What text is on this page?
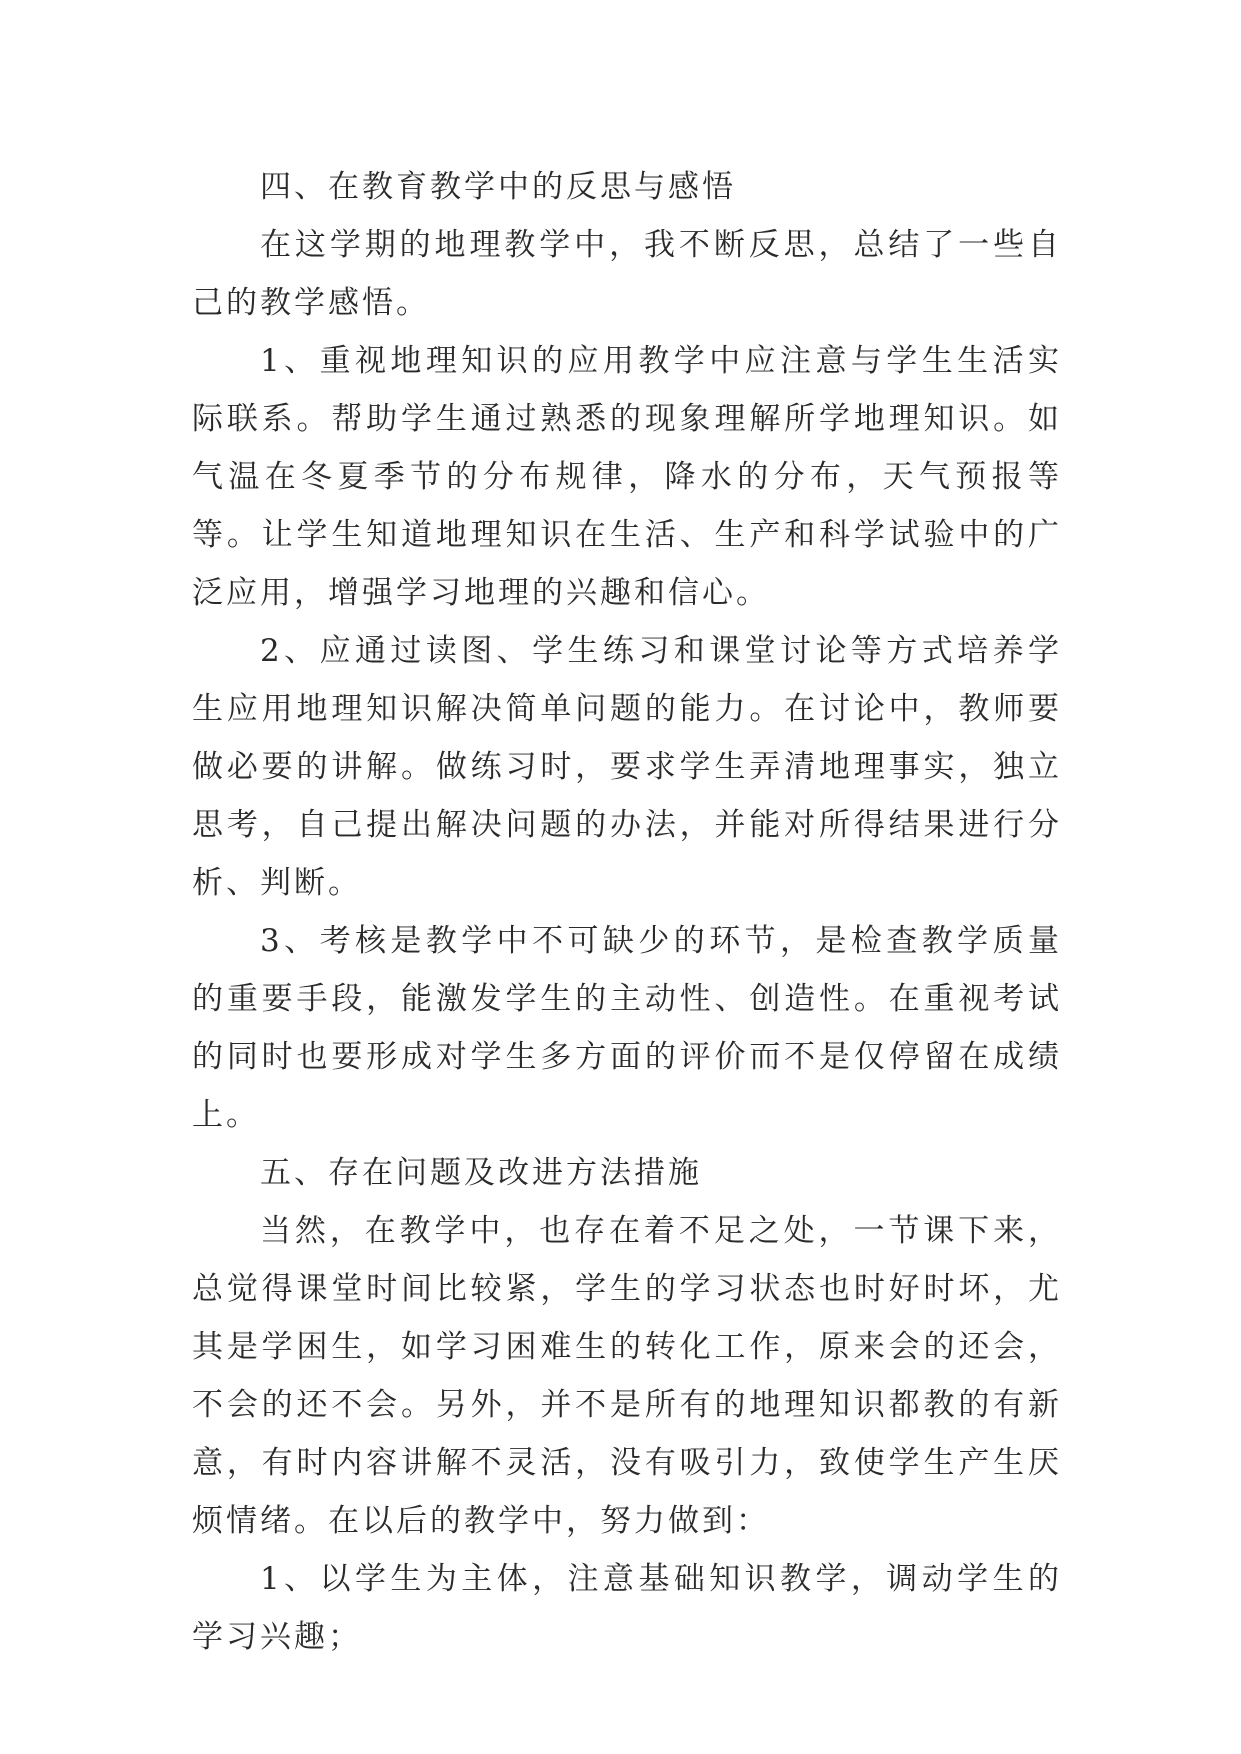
四、在教育教学中的反思与感悟

在这学期的地理教学中，我不断反思，总结了一些自己的教学感悟。

1、重视地理知识的应用教学中应注意与学生生活实际联系。帮助学生通过熟悉的现象理解所学地理知识。如气温在冬夏季节的分布规律，降水的分布，天气预报等等。让学生知道地理知识在生活、生产和科学试验中的广泛应用，增强学习地理的兴趣和信心。

2、应通过读图、学生练习和课堂讨论等方式培养学生应用地理知识解决简单问题的能力。在讨论中，教师要做必要的讲解。做练习时，要求学生弄清地理事实，独立思考，自己提出解决问题的办法，并能对所得结果进行分析、判断。

3、考核是教学中不可缺少的环节，是检查教学质量的重要手段，能激发学生的主动性、创造性。在重视考试的同时也要形成对学生多方面的评价而不是仅停留在成绩上。

五、存在问题及改进方法措施

当然，在教学中，也存在着不足之处，一节课下来，总觉得课堂时间比较紧，学生的学习状态也时好时坏，尤其是学困生，如学习困难生的转化工作，原来会的还会，不会的还不会。另外，并不是所有的地理知识都教的有新意，有时内容讲解不灵活，没有吸引力，致使学生产生厌烦情绪。在以后的教学中，努力做到：

1、以学生为主体，注意基础知识教学，调动学生的学习兴趣；
